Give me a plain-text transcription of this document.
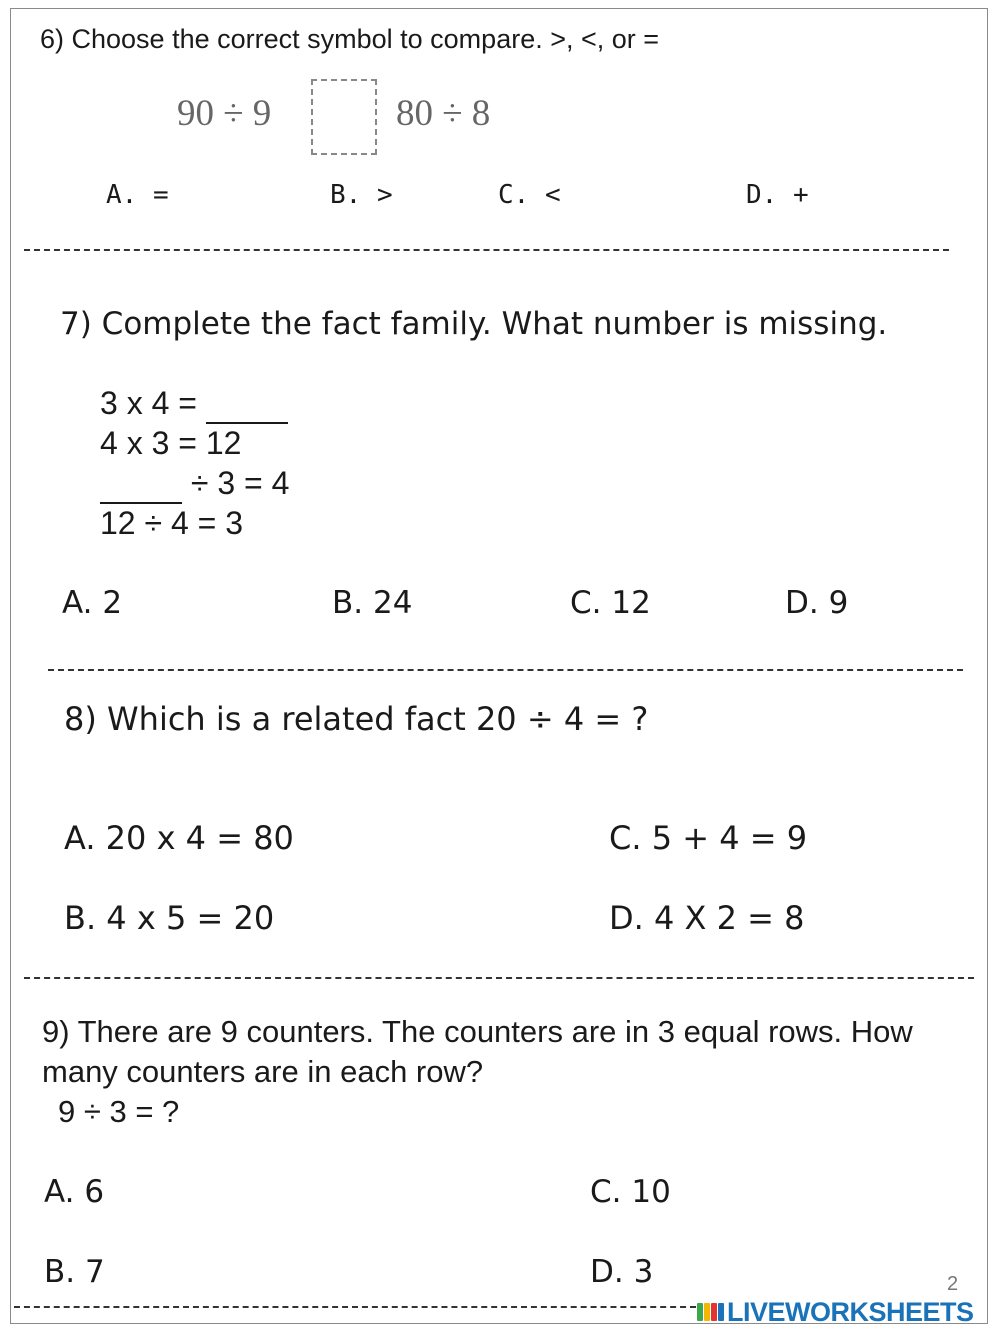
6) Choose the correct symbol to compare. >, <, or =
90 ÷ 9	80 ÷ 8
A. =	B. >	C. <	D. +
7) Complete the fact family. What number is missing.
3 x 4 =
4 x 3 = 12
÷ 3 = 4
12 ÷ 4 = 3
A. 2	B. 24	C. 12	D. 9
8) Which is a related fact 20 ÷ 4 = ?
A. 20 x 4 = 80	C. 5 + 4 = 9
B. 4 x 5 = 20	D. 4 X 2 = 8
9) There are 9 counters. The counters are in 3 equal rows. How
many counters are in each row?
9 ÷ 3 = ?
A. 6	C. 10
B. 7	D. 3	2
LIVEWORKSHEETS
